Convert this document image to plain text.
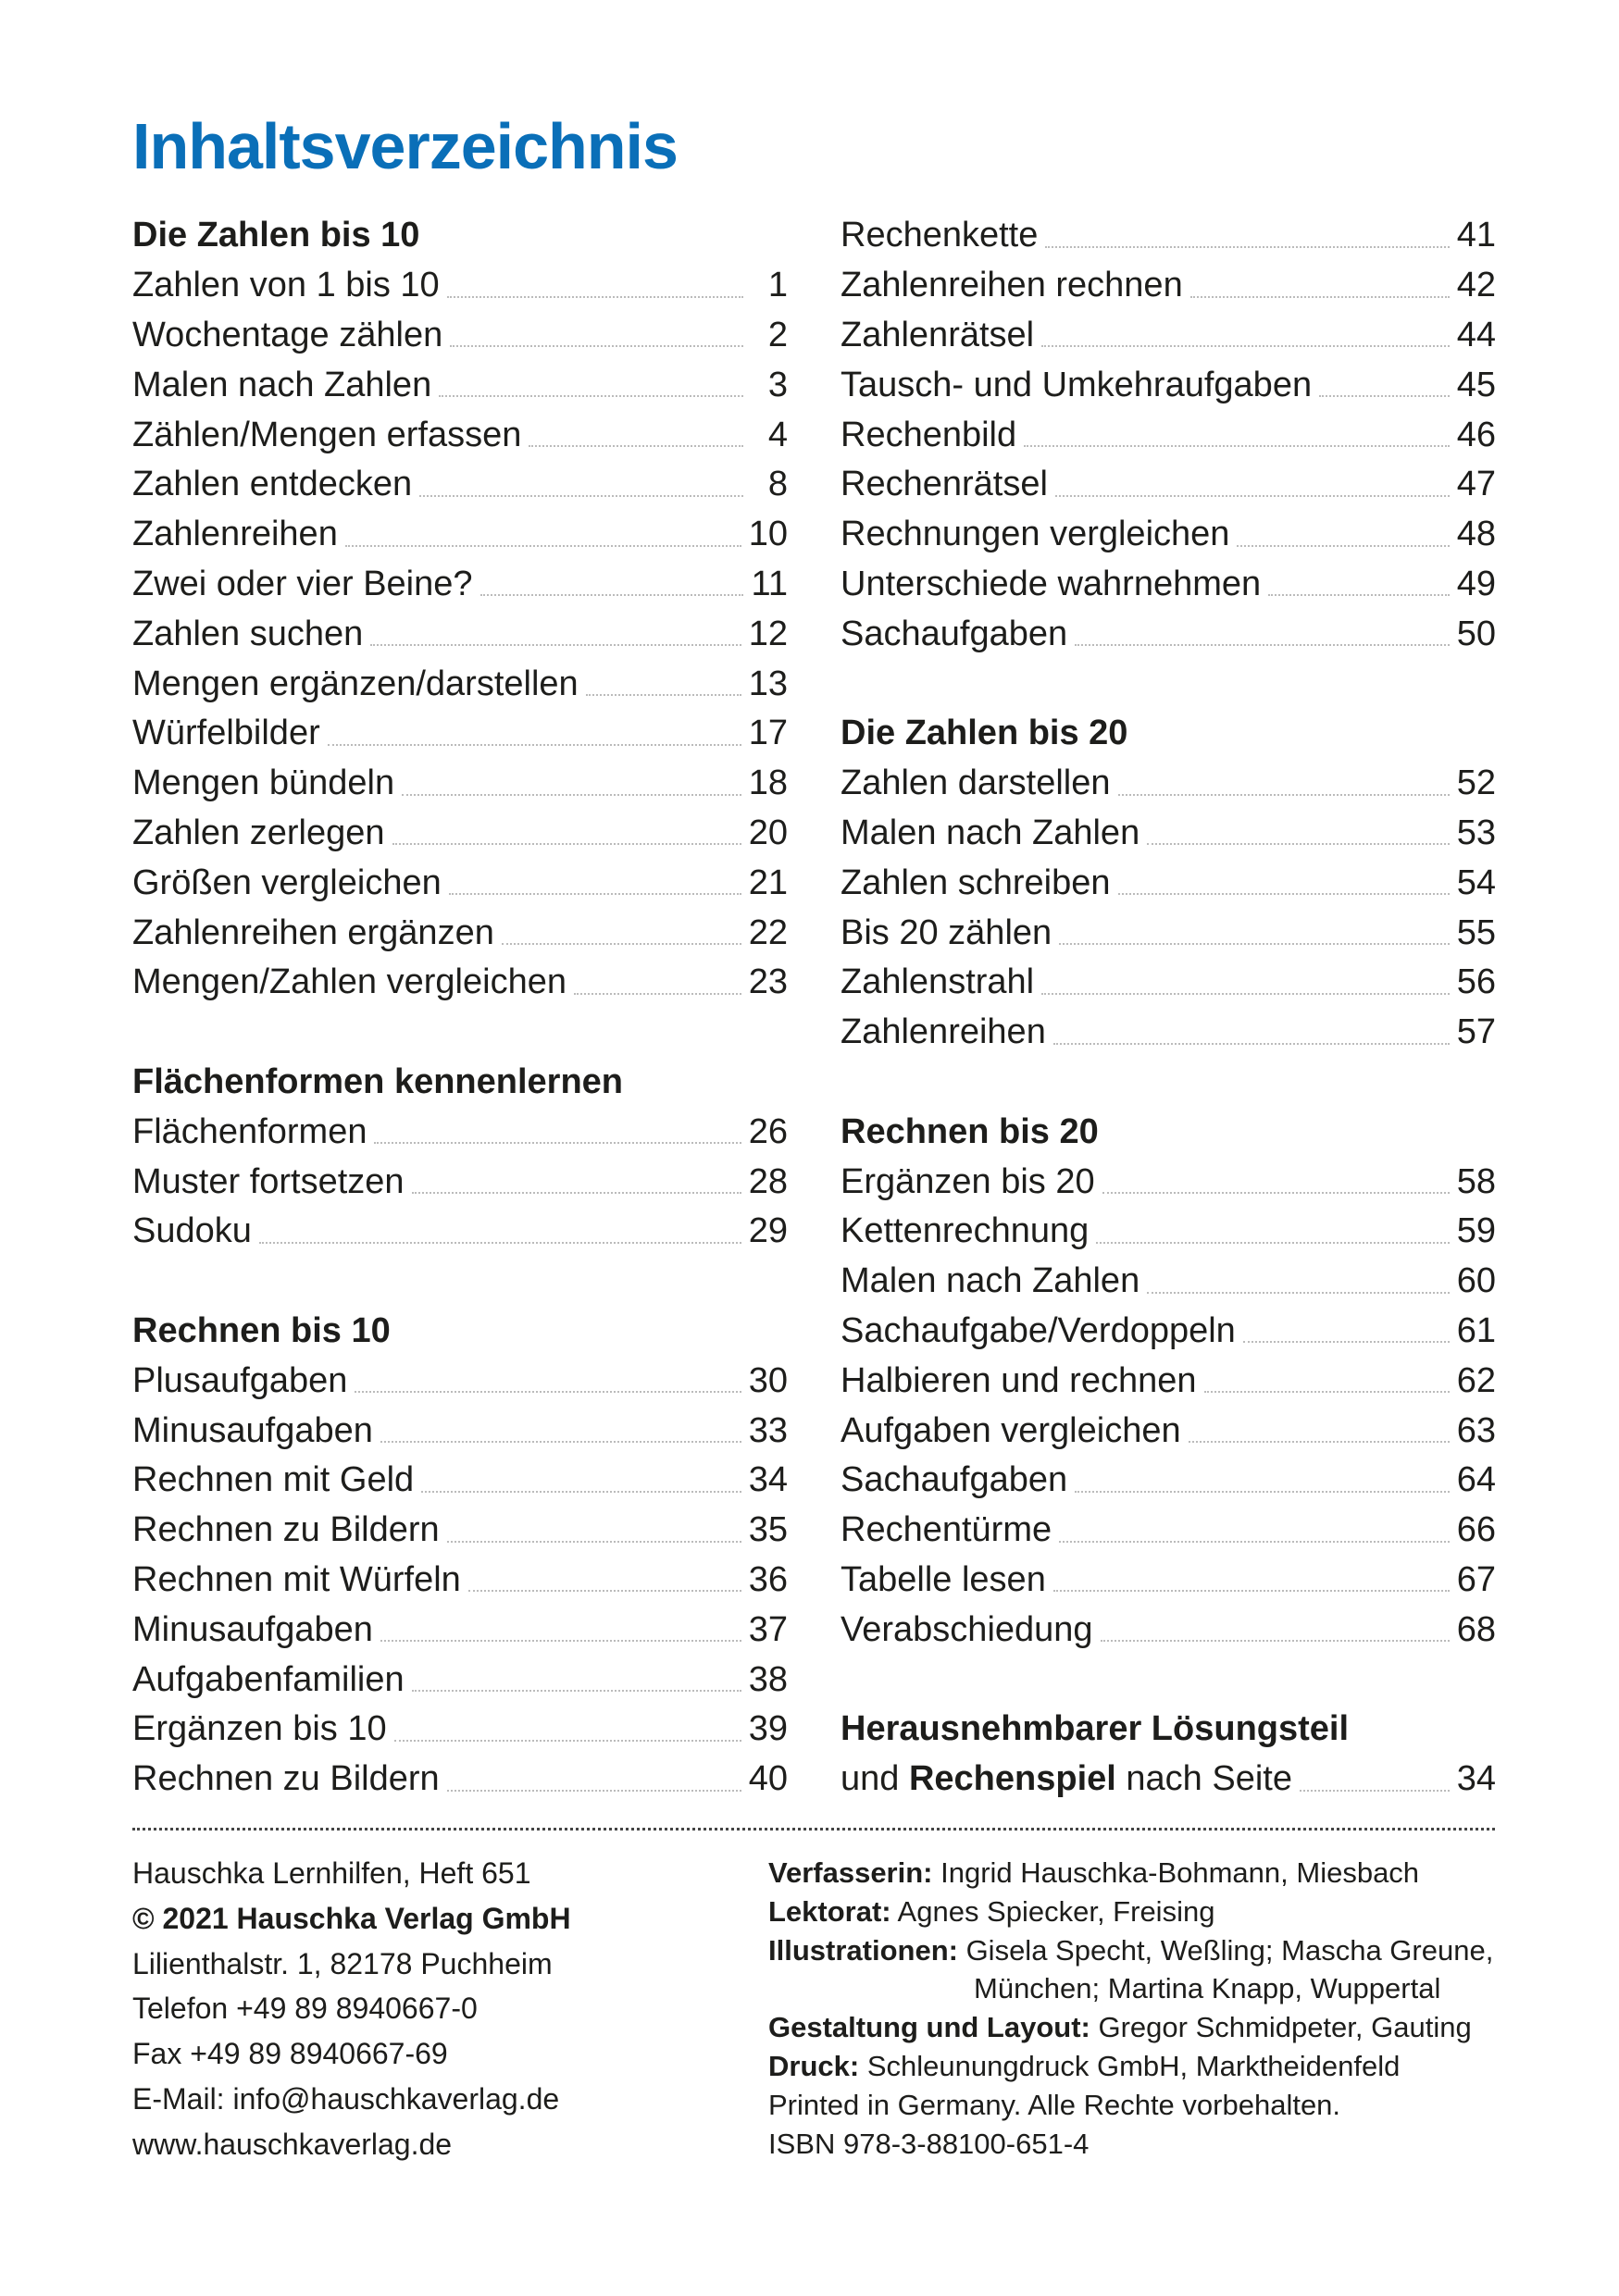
Inhaltsverzeichnis
Die Zahlen bis 10
Zahlen von 1 bis 10	1
Wochentage zählen	2
Malen nach Zahlen	3
Zählen/Mengen erfassen	4
Zahlen entdecken	8
Zahlenreihen	10
Zwei oder vier Beine?	11
Zahlen suchen	12
Mengen ergänzen/darstellen	13
Würfelbilder	17
Mengen bündeln	18
Zahlen zerlegen	20
Größen vergleichen	21
Zahlenreihen ergänzen	22
Mengen/Zahlen vergleichen	23
Flächenformen kennenlernen
Flächenformen	26
Muster fortsetzen	28
Sudoku	29
Rechnen bis 10
Plusaufgaben	30
Minusaufgaben	33
Rechnen mit Geld	34
Rechnen zu Bildern	35
Rechnen mit Würfeln	36
Minusaufgaben	37
Aufgabenfamilien	38
Ergänzen bis 10	39
Rechnen zu Bildern	40
Rechenkette	41
Zahlenreihen rechnen	42
Zahlenrätsel	44
Tausch- und Umkehraufgaben	45
Rechenbild	46
Rechenrätsel	47
Rechnungen vergleichen	48
Unterschiede wahrnehmen	49
Sachaufgaben	50
Die Zahlen bis 20
Zahlen darstellen	52
Malen nach Zahlen	53
Zahlen schreiben	54
Bis 20 zählen	55
Zahlenstrahl	56
Zahlenreihen	57
Rechnen bis 20
Ergänzen bis 20	58
Kettenrechnung	59
Malen nach Zahlen	60
Sachaufgabe/Verdoppeln	61
Halbieren und rechnen	62
Aufgaben vergleichen	63
Sachaufgaben	64
Rechentürme	66
Tabelle lesen	67
Verabschiedung	68
Herausnehmbarer Lösungsteil
und Rechenspiel nach Seite	34
Hauschka Lernhilfen, Heft 651
© 2021 Hauschka Verlag GmbH
Lilienthalstr. 1, 82178 Puchheim
Telefon +49 89 8940667-0
Fax +49 89 8940667-69
E-Mail: info@hauschkaverlag.de
www.hauschkaverlag.de
Verfasserin: Ingrid Hauschka-Bohmann, Miesbach
Lektorat: Agnes Spiecker, Freising
Illustrationen: Gisela Specht, Weßling; Mascha Greune,
München; Martina Knapp, Wuppertal
Gestaltung und Layout: Gregor Schmidpeter, Gauting
Druck: Schleunungdruck GmbH, Marktheidenfeld
Printed in Germany. Alle Rechte vorbehalten.
ISBN 978-3-88100-651-4
